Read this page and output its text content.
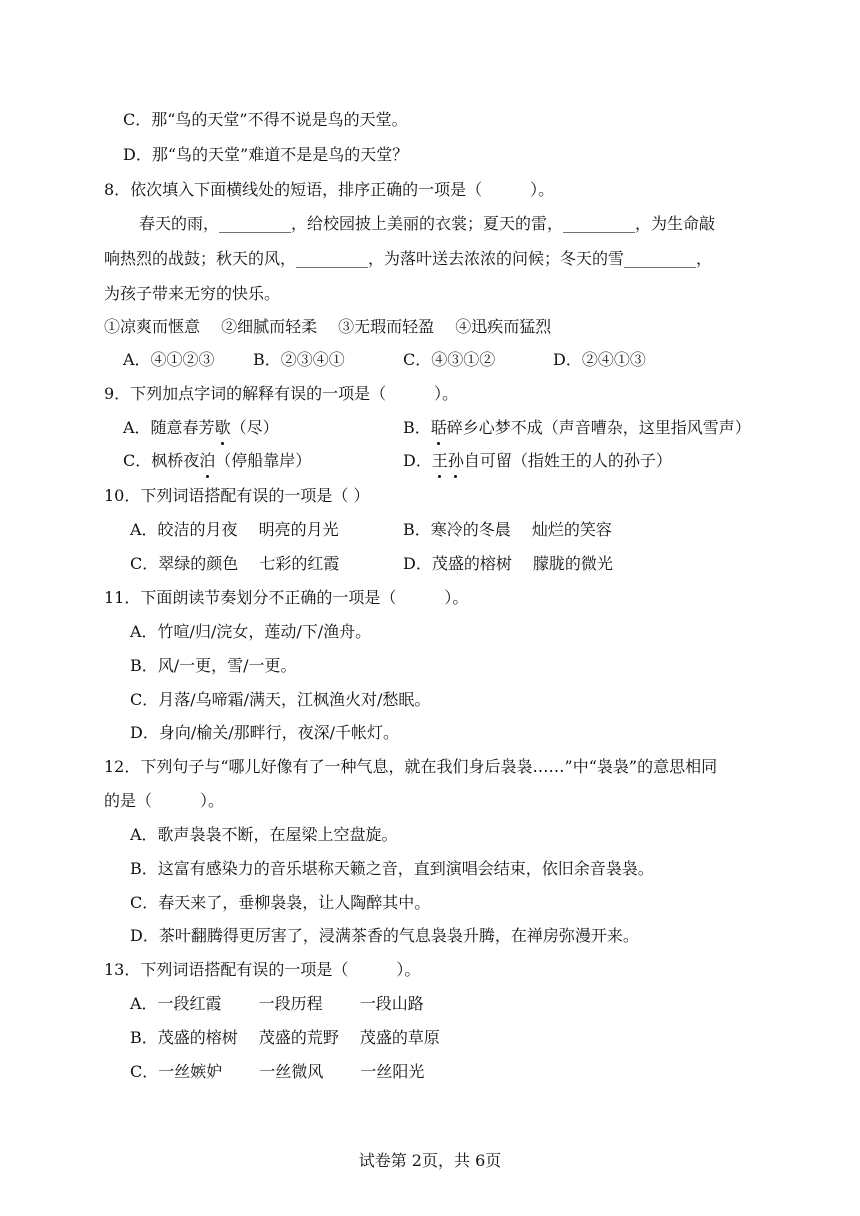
C．那“鸟的天堂”不得不说是鸟的天堂。
D．那“鸟的天堂”难道不是是鸟的天堂？
8．依次填入下面横线处的短语，排序正确的一项是（　　　）。
春天的雨，_________，给校园披上美丽的衣裳；夏天的雷，_________，为生命敲
响热烈的战鼓；秋天的风，_________，为落叶送去浓浓的问候；冬天的雪_________，
为孩子带来无穷的快乐。
①凉爽而惬意　 ②细腻而轻柔　 ③无瑕而轻盈　 ④迅疾而猛烈
A．④①②③ B．②③④①	C．④③①②	D．②④①③
9．下列加点字词的解释有误的一项是（　　　）。
A．随意春芳歇（尽）	B．聒碎乡心梦不成（声音嘈杂，这里指风雪声）
C．枫桥夜泊（停船靠岸）	D．王孙自可留（指姓王的人的孙子）
10．下列词语搭配有误的一项是（ ）
A．皎洁的月夜　 明亮的月光	B．寒冷的冬晨　 灿烂的笑容
C．翠绿的颜色　 七彩的红霞	D．茂盛的榕树　 朦胧的微光
11．下面朗读节奏划分不正确的一项是（　　　）。
A．竹喧/归/浣女，莲动/下/渔舟。
B．风/一更，雪/一更。
C．月落/乌啼霜/满天，江枫渔火对/愁眠。
D．身向/榆关/那畔行，夜深/千帐灯。
12．下列句子与“哪儿好像有了一种气息，就在我们身后袅袅……”中“袅袅”的意思相同
的是（　　　）。
A．歌声袅袅不断，在屋梁上空盘旋。
B．这富有感染力的音乐堪称天籁之音，直到演唱会结束，依旧余音袅袅。
C．春天来了，垂柳袅袅，让人陶醉其中。
D．茶叶翻腾得更厉害了，浸满茶香的气息袅袅升腾，在禅房弥漫开来。
13．下列词语搭配有误的一项是（　　　）。
A．一段红霞　　 一段历程　　 一段山路
B．茂盛的榕树　 茂盛的荒野　 茂盛的草原
C．一丝嫉妒　　 一丝微风　　 一丝阳光
试卷第 2页，共 6页
